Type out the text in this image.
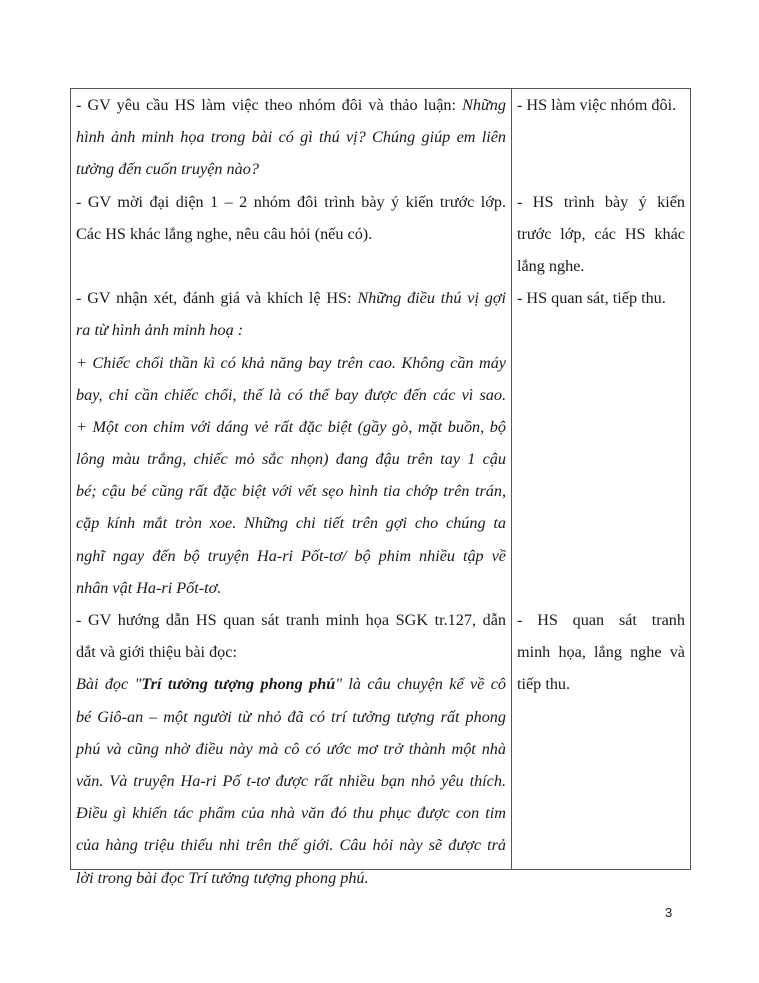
- GV yêu cầu HS làm việc theo nhóm đôi và thảo luận: Những
hình ảnh minh họa trong bài có gì thú vị? Chúng giúp em liên
tưởng đến cuốn truyện nào?
- GV mời đại diện 1 – 2 nhóm đôi trình bày ý kiến trước lớp.
Các HS khác lắng nghe, nêu câu hỏi (nếu có).
- GV nhận xét, đánh giá và khích lệ HS: Những điều thú vị gợi
ra từ hình ảnh minh hoạ :
+ Chiếc chổi thần kì có khả năng bay trên cao. Không cần máy
bay, chỉ cần chiếc chổi, thế là có thể bay được đến các vì sao.
+ Một con chim với dáng vẻ rất đặc biệt (gầy gò, mặt buồn, bộ
lông màu trắng, chiếc mỏ sắc nhọn) đang đậu trên tay 1 cậu
bé; cậu bé cũng rất đặc biệt với vết sẹo hình tia chớp trên trán,
cặp kính mắt tròn xoe. Những chi tiết trên gợi cho chúng ta
nghĩ ngay đến bộ truyện Ha-ri Pốt-tơ/ bộ phim nhiều tập về
nhân vật Ha-ri Pốt-tơ.
- GV hướng dẫn HS quan sát tranh minh họa SGK tr.127, dẫn
dắt và giới thiệu bài đọc:
Bài đọc "Trí tưởng tượng phong phú" là câu chuyện kể về cô
bé Giô-an – một người từ nhỏ đã có trí tưởng tượng rất phong
phú và cũng nhờ điều này mà cô có ước mơ trở thành một nhà
văn. Và truyện Ha-ri Pố t-tơ được rất nhiều bạn nhỏ yêu thích.
Điều gì khiến tác phẩm của nhà văn đó thu phục được con tim
của hàng triệu thiếu nhi trên thế giới. Câu hỏi này sẽ được trả
lời trong bài đọc Trí tưởng tượng phong phú.
- HS làm việc nhóm đôi.
- HS trình bày ý kiến
trước lớp, các HS khác
lắng nghe.
- HS quan sát, tiếp thu.
- HS quan sát tranh
minh họa, lắng nghe và
tiếp thu.
3
